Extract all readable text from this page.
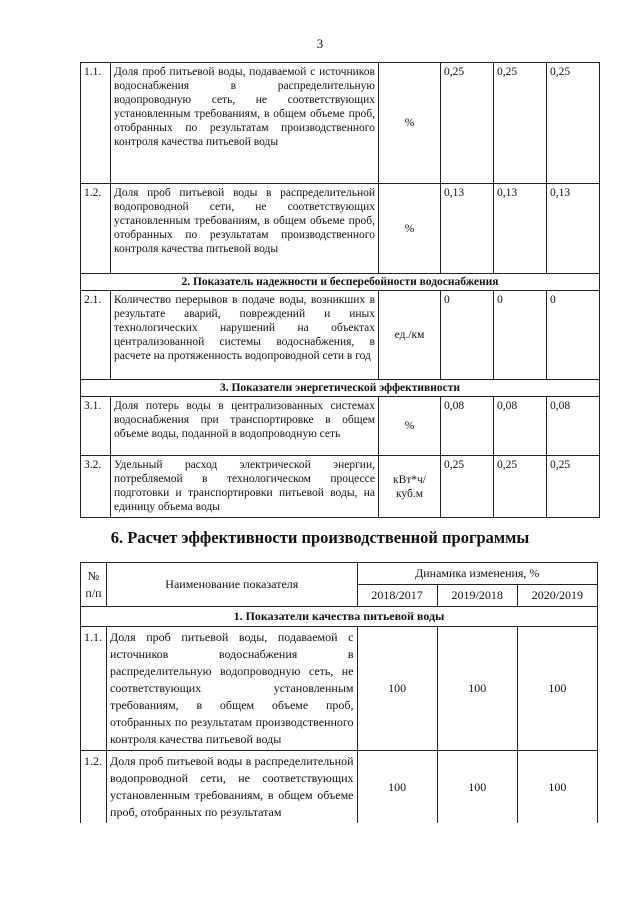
3
1.1.	Доля проб питьевой воды, подаваемой с источников водоснабжения в распределительную водопроводную сеть, не соответствующих установленным требованиям, в общем объеме проб, отобранных по результатам производственного контроля качества питьевой воды	%	0,25	0,25	0,25
1.2.	Доля проб питьевой воды в распределительной водопроводной сети, не соответствующих установленным требованиям, в общем объеме проб, отобранных по результатам производственного контроля качества питьевой воды	%	0,13	0,13	0,13
2. Показатель надежности и бесперебойности водоснабжения					
2.1.	Количество перерывов в подаче воды, возникших в результате аварий, повреждений и иных технологических нарушений на объектах централизованной системы водоснабжения, в расчете на протяженность водопроводной сети в год	ед./км	0	0	0
3. Показатели энергетической эффективности					
3.1.	Доля потерь воды в централизованных системах водоснабжения при транспортировке в общем объеме воды, поданной в водопроводную сеть	%	0,08	0,08	0,08
3.2.	Удельный расход электрической энергии, потребляемой в технологическом процессе подготовки и транспортировки питьевой воды, на единицу объема воды	кВт*ч/ куб.м	0,25	0,25	0,25
6. Расчет эффективности производственной программы
№ п/п	Наименование показателя	Динамика изменения, %		
		2018/2017	2019/2018	2020/2019
1. Показатели качества питьевой воды				
1.1.	Доля проб питьевой воды, подаваемой с источников водоснабжения в распределительную водопроводную сеть, не соответствующих установленным требованиям, в общем объеме проб, отобранных по результатам производственного контроля качества питьевой воды	100	100	100
1.2.	Доля проб питьевой воды в распределительной водопроводной сети, не соответствующих установленным требованиям, в общем объеме проб, отобранных по результатам	100	100	100
